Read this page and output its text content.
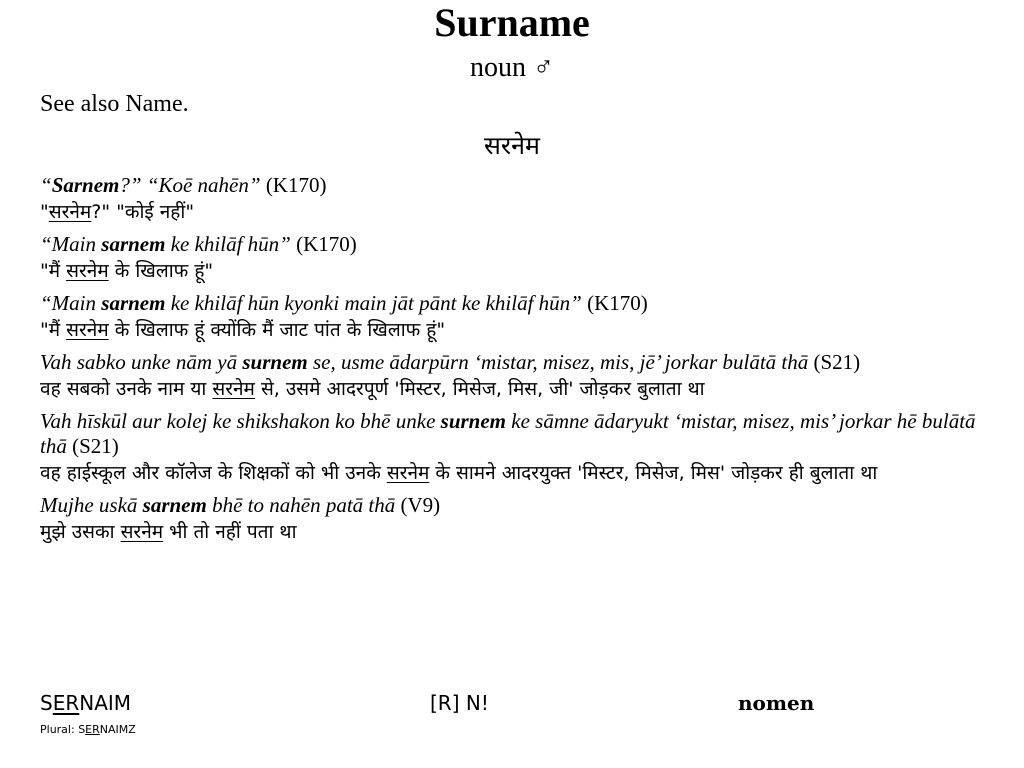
Surname
noun ♂
See also Name.
सरनेम
“Sarnem?” “Koē nahēn” (K170)
"सरनेम?" "कोई नहीं"
“Main sarnem ke khilāf hūn” (K170)
"मैं सरनेम के खिलाफ हूं"
“Main sarnem ke khilāf hūn kyonki main jāt pānt ke khilāf hūn” (K170)
"मैं सरनेम के खिलाफ हूं क्योंकि मैं जाट पांत के खिलाफ हूं"
Vah sabko unke nām yā surnem se, usme ādarpūrn ‘mistar, misez, mis, jē’ jorkar bulātā thā (S21)
वह सबको उनके नाम या सरनेम से, उसमे आदरपूर्ण 'मिस्टर, मिसेज, मिस, जी' जोड़कर बुलाता था
Vah hīskūl aur kolej ke shikshakon ko bhē unke surnem ke sāmne ādaryukt ‘mistar, misez, mis’ jorkar hē bulātā thā (S21)
वह हाईस्कूल और कॉलेज के शिक्षकों को भी उनके सरनेम के सामने आदरयुक्त 'मिस्टर, मिसेज, मिस' जोड़कर ही बुलाता था
Mujhe uskā sarnem bhē to nahēn patā thā (V9)
मुझे उसका सरनेम भी तो नहीं पता था
SERNAIM	[R] N!	nomen
Plural: SERNAIMZ
